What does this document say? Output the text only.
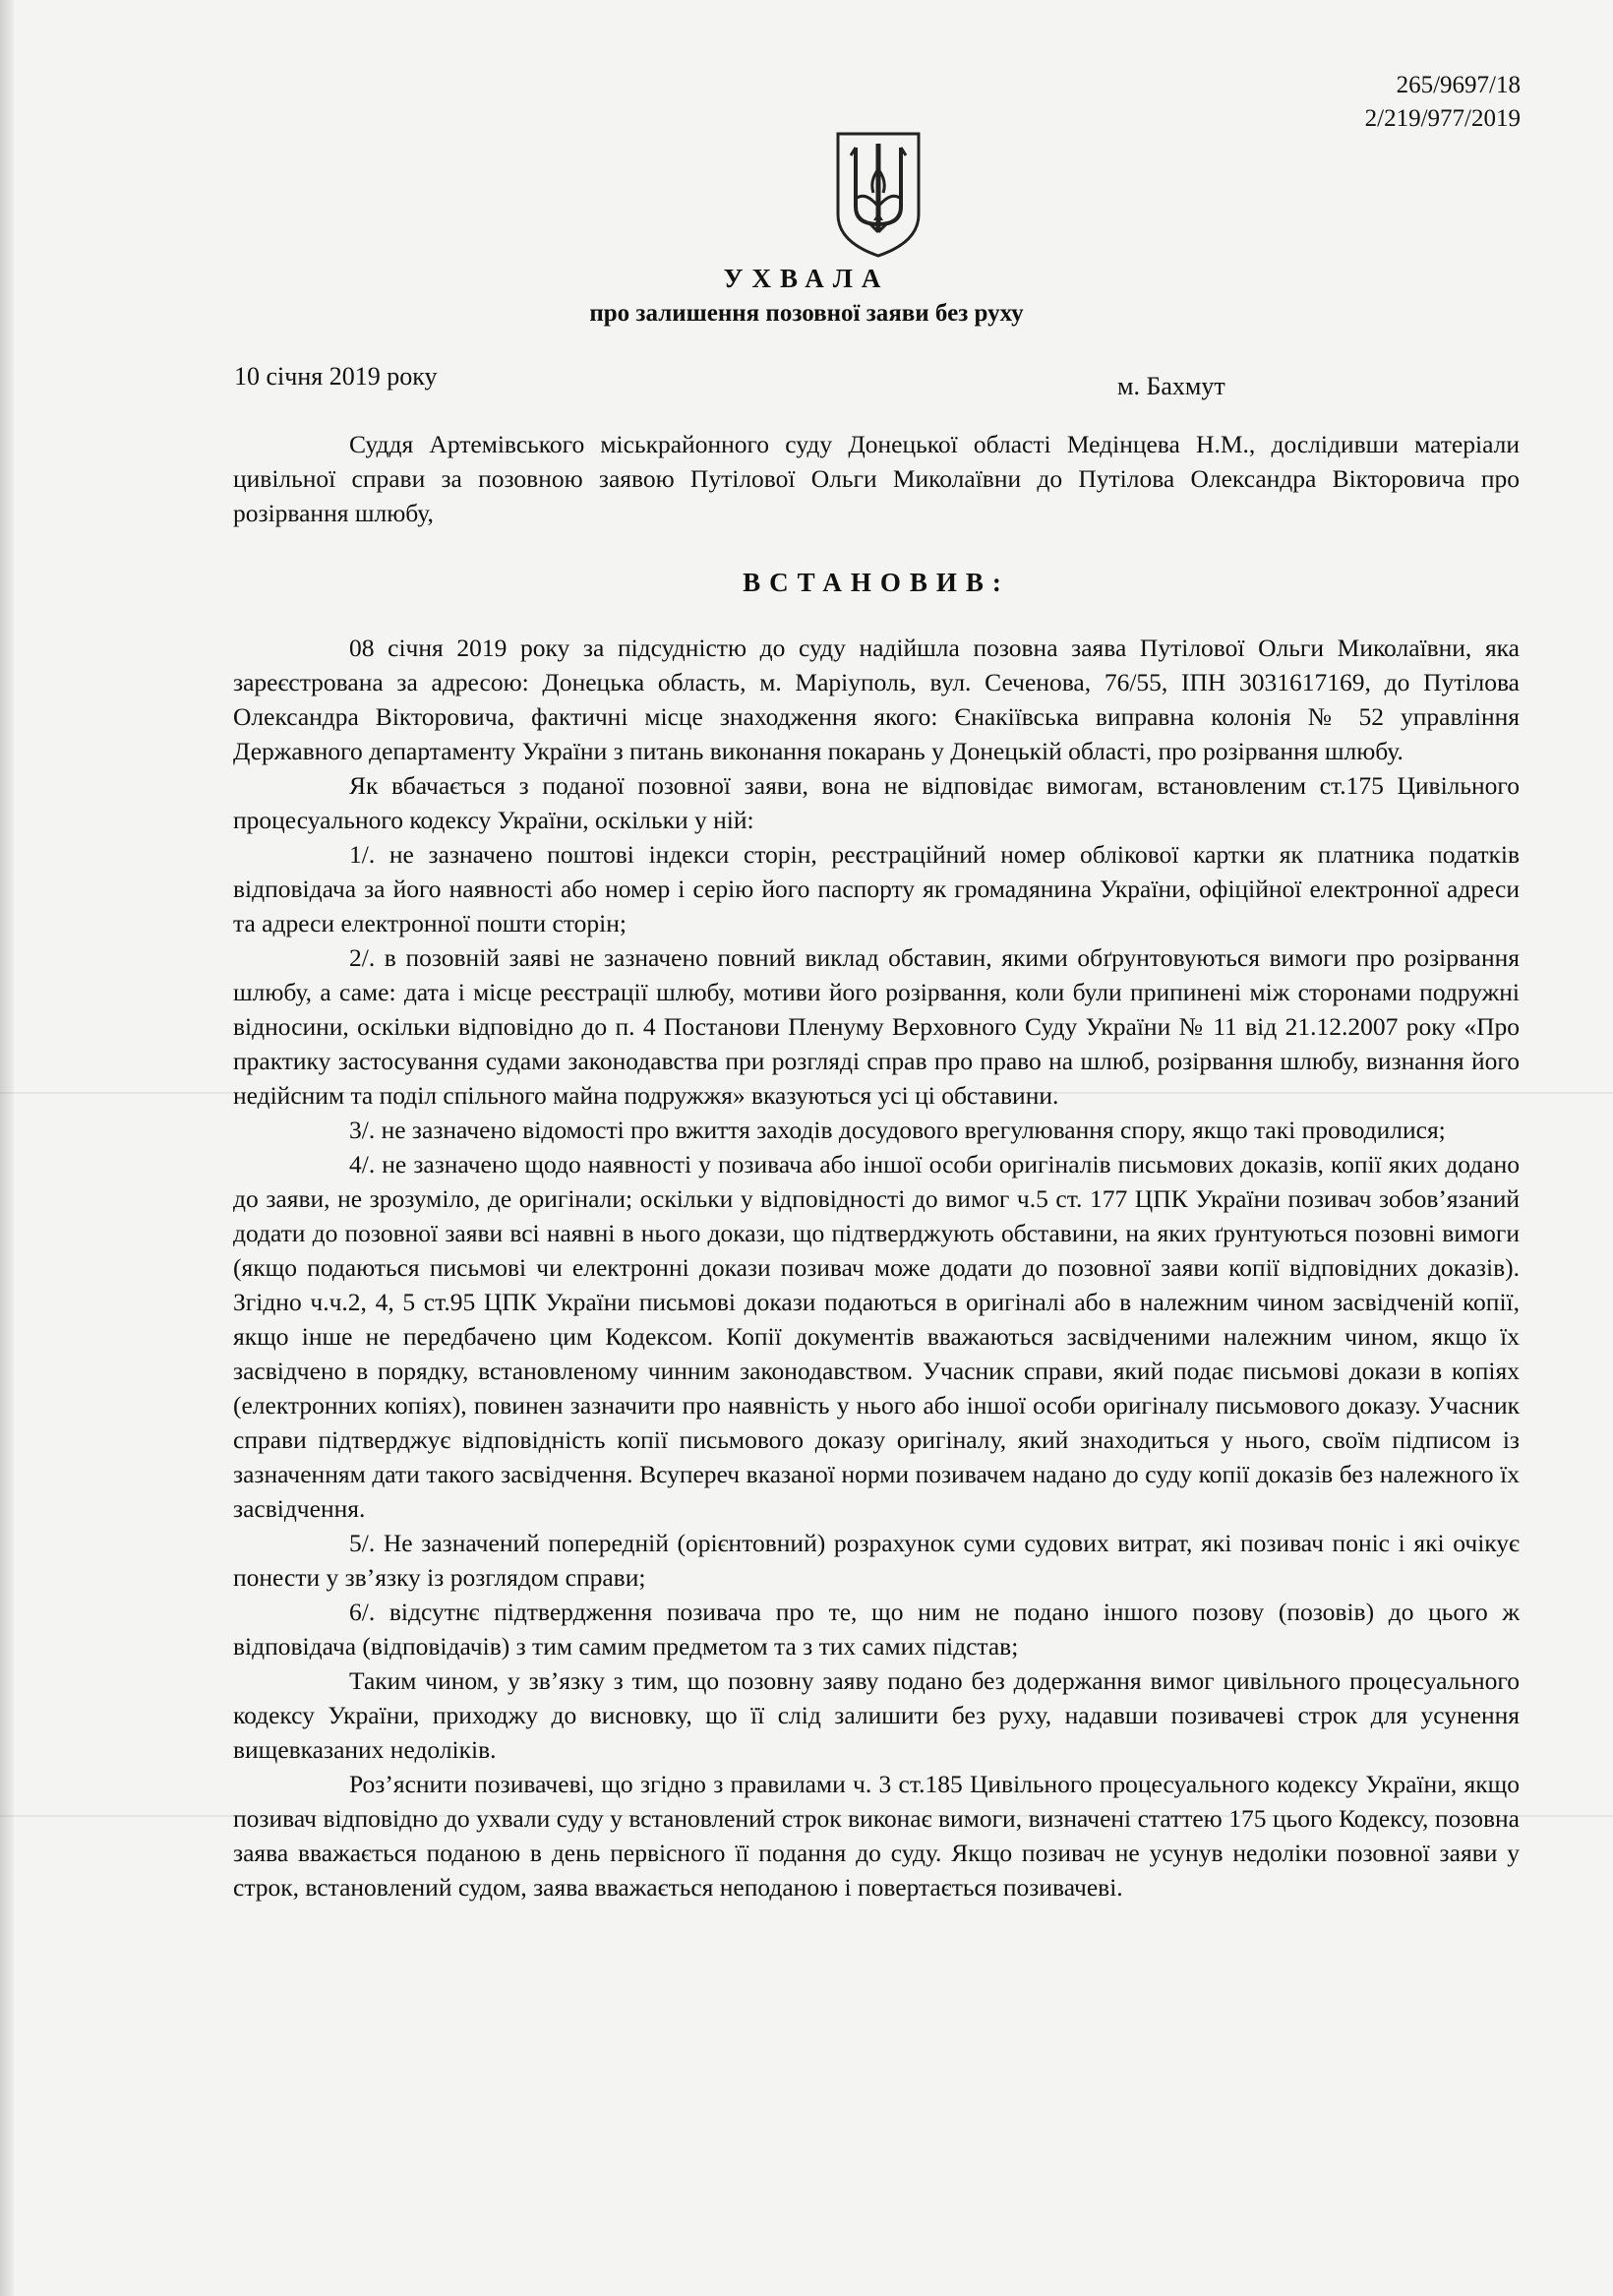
265/9697/18
2/219/977/2019
УХВАЛА
про залишення позовної заяви без руху
10 січня 2019 року	м. Бахмут

Суддя Артемівського міськрайонного суду Донецької області Медінцева Н.М., дослідивши матеріали цивільної справи за позовною заявою Путілової Ольги Миколаївни до Путілова Олександра Вікторовича про розірвання шлюбу,

ВСТАНОВИВ:

08 січня 2019 року за підсудністю до суду надійшла позовна заява Путілової Ольги Миколаївни, яка зареєстрована за адресою: Донецька область, м. Маріуполь, вул. Сеченова, 76/55, ІПН 3031617169, до Путілова Олександра Вікторовича, фактичні місце знаходження якого: Єнакіївська виправна колонія № 52 управління Державного департаменту України з питань виконання покарань у Донецькій області, про розірвання шлюбу.

Як вбачається з поданої позовної заяви, вона не відповідає вимогам, встановленим ст.175 Цивільного процесуального кодексу України, оскільки у ній:

1/. не зазначено поштові індекси сторін, реєстраційний номер облікової картки як платника податків відповідача за його наявності або номер і серію його паспорту як громадянина України, офіційної електронної адреси та адреси електронної пошти сторін;

2/. в позовній заяві не зазначено повний виклад обставин, якими обґрунтовуються вимоги про розірвання шлюбу, а саме: дата і місце реєстрації шлюбу, мотиви його розірвання, коли були припинені між сторонами подружні відносини, оскільки відповідно до п. 4 Постанови Пленуму Верховного Суду України № 11 від 21.12.2007 року «Про практику застосування судами законодавства при розгляді справ про право на шлюб, розірвання шлюбу, визнання його недійсним та поділ спільного майна подружжя» вказуються усі ці обставини.

3/. не зазначено відомості про вжиття заходів досудового врегулювання спору, якщо такі проводилися;

4/. не зазначено щодо наявності у позивача або іншої особи оригіналів письмових доказів, копії яких додано до заяви, не зрозуміло, де оригінали; оскільки у відповідності до вимог ч.5 ст. 177 ЦПК України позивач зобов’язаний додати до позовної заяви всі наявні в нього докази, що підтверджують обставини, на яких ґрунтуються позовні вимоги (якщо подаються письмові чи електронні докази позивач може додати до позовної заяви копії відповідних доказів). Згідно ч.ч.2, 4, 5 ст.95 ЦПК України письмові докази подаються в оригіналі або в належним чином засвідченій копії, якщо інше не передбачено цим Кодексом. Копії документів вважаються засвідченими належним чином, якщо їх засвідчено в порядку, встановленому чинним законодавством. Учасник справи, який подає письмові докази в копіях (електронних копіях), повинен зазначити про наявність у нього або іншої особи оригіналу письмового доказу. Учасник справи підтверджує відповідність копії письмового доказу оригіналу, який знаходиться у нього, своїм підписом із зазначенням дати такого засвідчення. Всупереч вказаної норми позивачем надано до суду копії доказів без належного їх засвідчення.

5/. Не зазначений попередній (орієнтовний) розрахунок суми судових витрат, які позивач поніс і які очікує понести у зв’язку із розглядом справи;

6/. відсутнє підтвердження позивача про те, що ним не подано іншого позову (позовів) до цього ж відповідача (відповідачів) з тим самим предметом та з тих самих підстав;

Таким чином, у зв’язку з тим, що позовну заяву подано без додержання вимог цивільного процесуального кодексу України, приходжу до висновку, що її слід залишити без руху, надавши позивачеві строк для усунення вищевказаних недоліків.

Роз’яснити позивачеві, що згідно з правилами ч. 3 ст.185 Цивільного процесуального кодексу України, якщо позивач відповідно до ухвали суду у встановлений строк виконає вимоги, визначені статтею 175 цього Кодексу, позовна заява вважається поданою в день первісного її подання до суду. Якщо позивач не усунув недоліки позовної заяви у строк, встановлений судом, заява вважається неподаною і повертається позивачеві.
